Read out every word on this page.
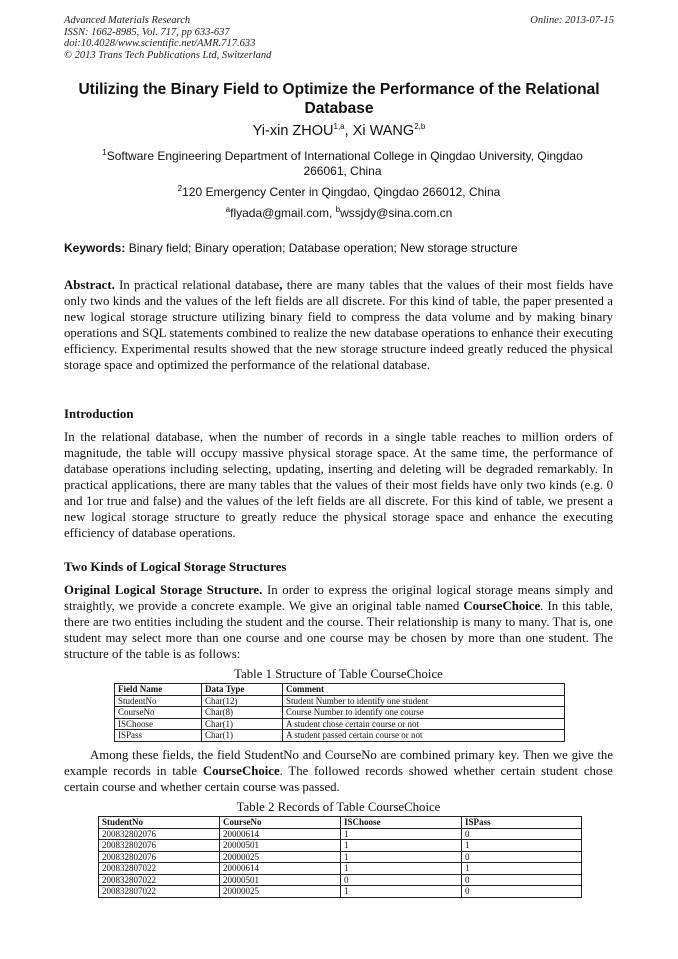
Advanced Materials Research
ISSN: 1662-8985, Vol. 717, pp 633-637
doi:10.4028/www.scientific.net/AMR.717.633
© 2013 Trans Tech Publications Ltd, Switzerland
Online: 2013-07-15
Utilizing the Binary Field to Optimize the Performance of the Relational Database
Yi-xin ZHOU$^{1,a}$, Xi WANG$^{2,b}$
$^1$Software Engineering Department of International College in Qingdao University, Qingdao 266061, China
$^2$120 Emergency Center in Qingdao, Qingdao 266012, China
$^a$flyada@gmail.com, $^b$wssjdy@sina.com.cn
Keywords: Binary field; Binary operation; Database operation; New storage structure
Abstract. In practical relational database, there are many tables that the values of their most fields have only two kinds and the values of the left fields are all discrete. For this kind of table, the paper presented a new logical storage structure utilizing binary field to compress the data volume and by making binary operations and SQL statements combined to realize the new database operations to enhance their executing efficiency. Experimental results showed that the new storage structure indeed greatly reduced the physical storage space and optimized the performance of the relational database.
Introduction
In the relational database, when the number of records in a single table reaches to million orders of magnitude, the table will occupy massive physical storage space. At the same time, the performance of database operations including selecting, updating, inserting and deleting will be degraded remarkably. In practical applications, there are many tables that the values of their most fields have only two kinds (e.g. 0 and 1or true and false) and the values of the left fields are all discrete. For this kind of table, we present a new logical storage structure to greatly reduce the physical storage space and enhance the executing efficiency of database operations.
Two Kinds of Logical Storage Structures
Original Logical Storage Structure. In order to express the original logical storage means simply and straightly, we provide a concrete example. We give an original table named CourseChoice. In this table, there are two entities including the student and the course. Their relationship is many to many. That is, one student may select more than one course and one course may be chosen by more than one student. The structure of the table is as follows:
Table 1 Structure of Table CourseChoice
Field Name	Data Type	Comment
StudentNo	Char(12)	Student Number to identify one student
CourseNo	Char(8)	Course Number to identify one course
ISChoose	Char(1)	A student chose certain course or not
ISPass	Char(1)	A student passed certain course or not
Among these fields, the field StudentNo and CourseNo are combined primary key. Then we give the example records in table CourseChoice. The followed records showed whether certain student chose certain course and whether certain course was passed.
Table 2 Records of Table CourseChoice
StudentNo	CourseNo	ISChoose	ISPass
200832802076	20000614	1	0
200832802076	20000501	1	1
200832802076	20000025	1	0
200832807022	20000614	1	1
200832807022	20000501	0	0
200832807022	20000025	1	0
